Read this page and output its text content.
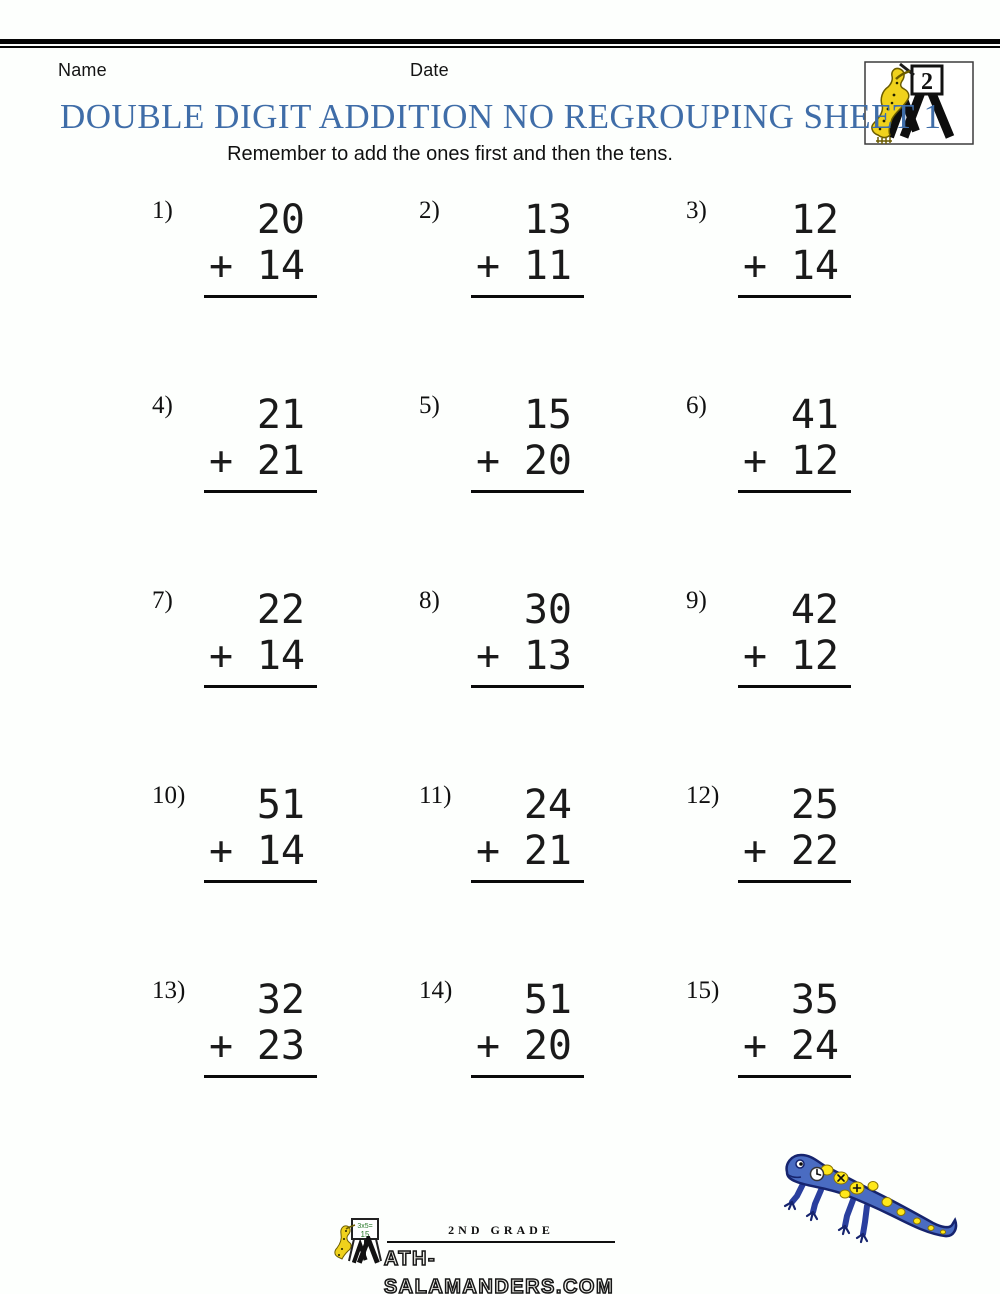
Name	Date	2
DOUBLE DIGIT ADDITION NO REGROUPING SHEET 1
Remember to add the ones first and then the tens.
1)	20
+ 14
2)	13
+ 11
3)	12
+ 14
4)	21
+ 21
5)	15
+ 20
6)	41
+ 12
7)	22
+ 14
8)	30
+ 13
9)	42
+ 12
10)	51
+ 14
11)	24
+ 21
12)	25
+ 22
13)	32
+ 23
14)	51
+ 20
15)	35
+ 24
3x5=
15	2ND GRADE
ATH-SALAMANDERS.COM
